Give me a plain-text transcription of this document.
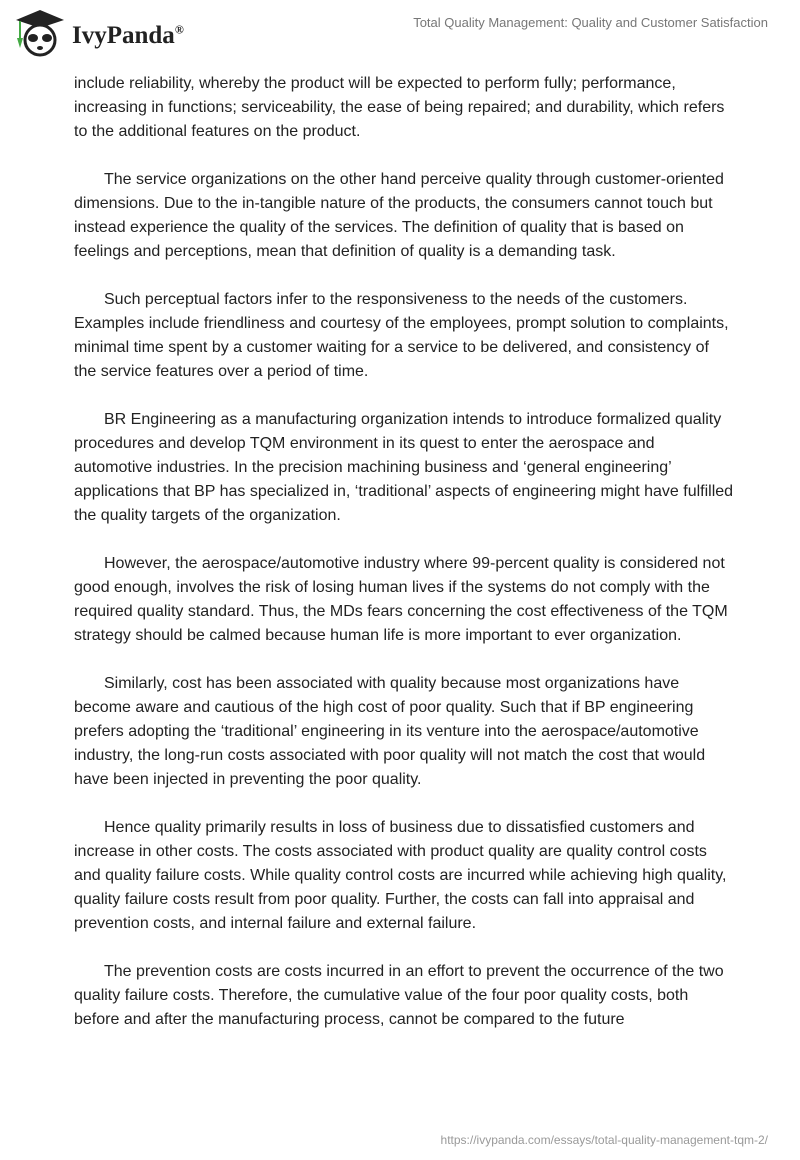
IvyPanda®	Total Quality Management: Quality and Customer Satisfaction

include reliability, whereby the product will be expected to perform fully; performance, increasing in functions; serviceability, the ease of being repaired; and durability, which refers to the additional features on the product.

The service organizations on the other hand perceive quality through customer-oriented dimensions. Due to the in-tangible nature of the products, the consumers cannot touch but instead experience the quality of the services. The definition of quality that is based on feelings and perceptions, mean that definition of quality is a demanding task.

Such perceptual factors infer to the responsiveness to the needs of the customers. Examples include friendliness and courtesy of the employees, prompt solution to complaints, minimal time spent by a customer waiting for a service to be delivered, and consistency of the service features over a period of time.

BR Engineering as a manufacturing organization intends to introduce formalized quality procedures and develop TQM environment in its quest to enter the aerospace and automotive industries. In the precision machining business and ‘general engineering’ applications that BP has specialized in, ‘traditional’ aspects of engineering might have fulfilled the quality targets of the organization.

However, the aerospace/automotive industry where 99-percent quality is considered not good enough, involves the risk of losing human lives if the systems do not comply with the required quality standard. Thus, the MDs fears concerning the cost effectiveness of the TQM strategy should be calmed because human life is more important to ever organization.

Similarly, cost has been associated with quality because most organizations have become aware and cautious of the high cost of poor quality. Such that if BP engineering prefers adopting the ‘traditional’ engineering in its venture into the aerospace/automotive industry, the long-run costs associated with poor quality will not match the cost that would have been injected in preventing the poor quality.

Hence quality primarily results in loss of business due to dissatisfied customers and increase in other costs. The costs associated with product quality are quality control costs and quality failure costs. While quality control costs are incurred while achieving high quality, quality failure costs result from poor quality. Further, the costs can fall into appraisal and prevention costs, and internal failure and external failure.

The prevention costs are costs incurred in an effort to prevent the occurrence of the two quality failure costs. Therefore, the cumulative value of the four poor quality costs, both before and after the manufacturing process, cannot be compared to the future

https://ivypanda.com/essays/total-quality-management-tqm-2/
